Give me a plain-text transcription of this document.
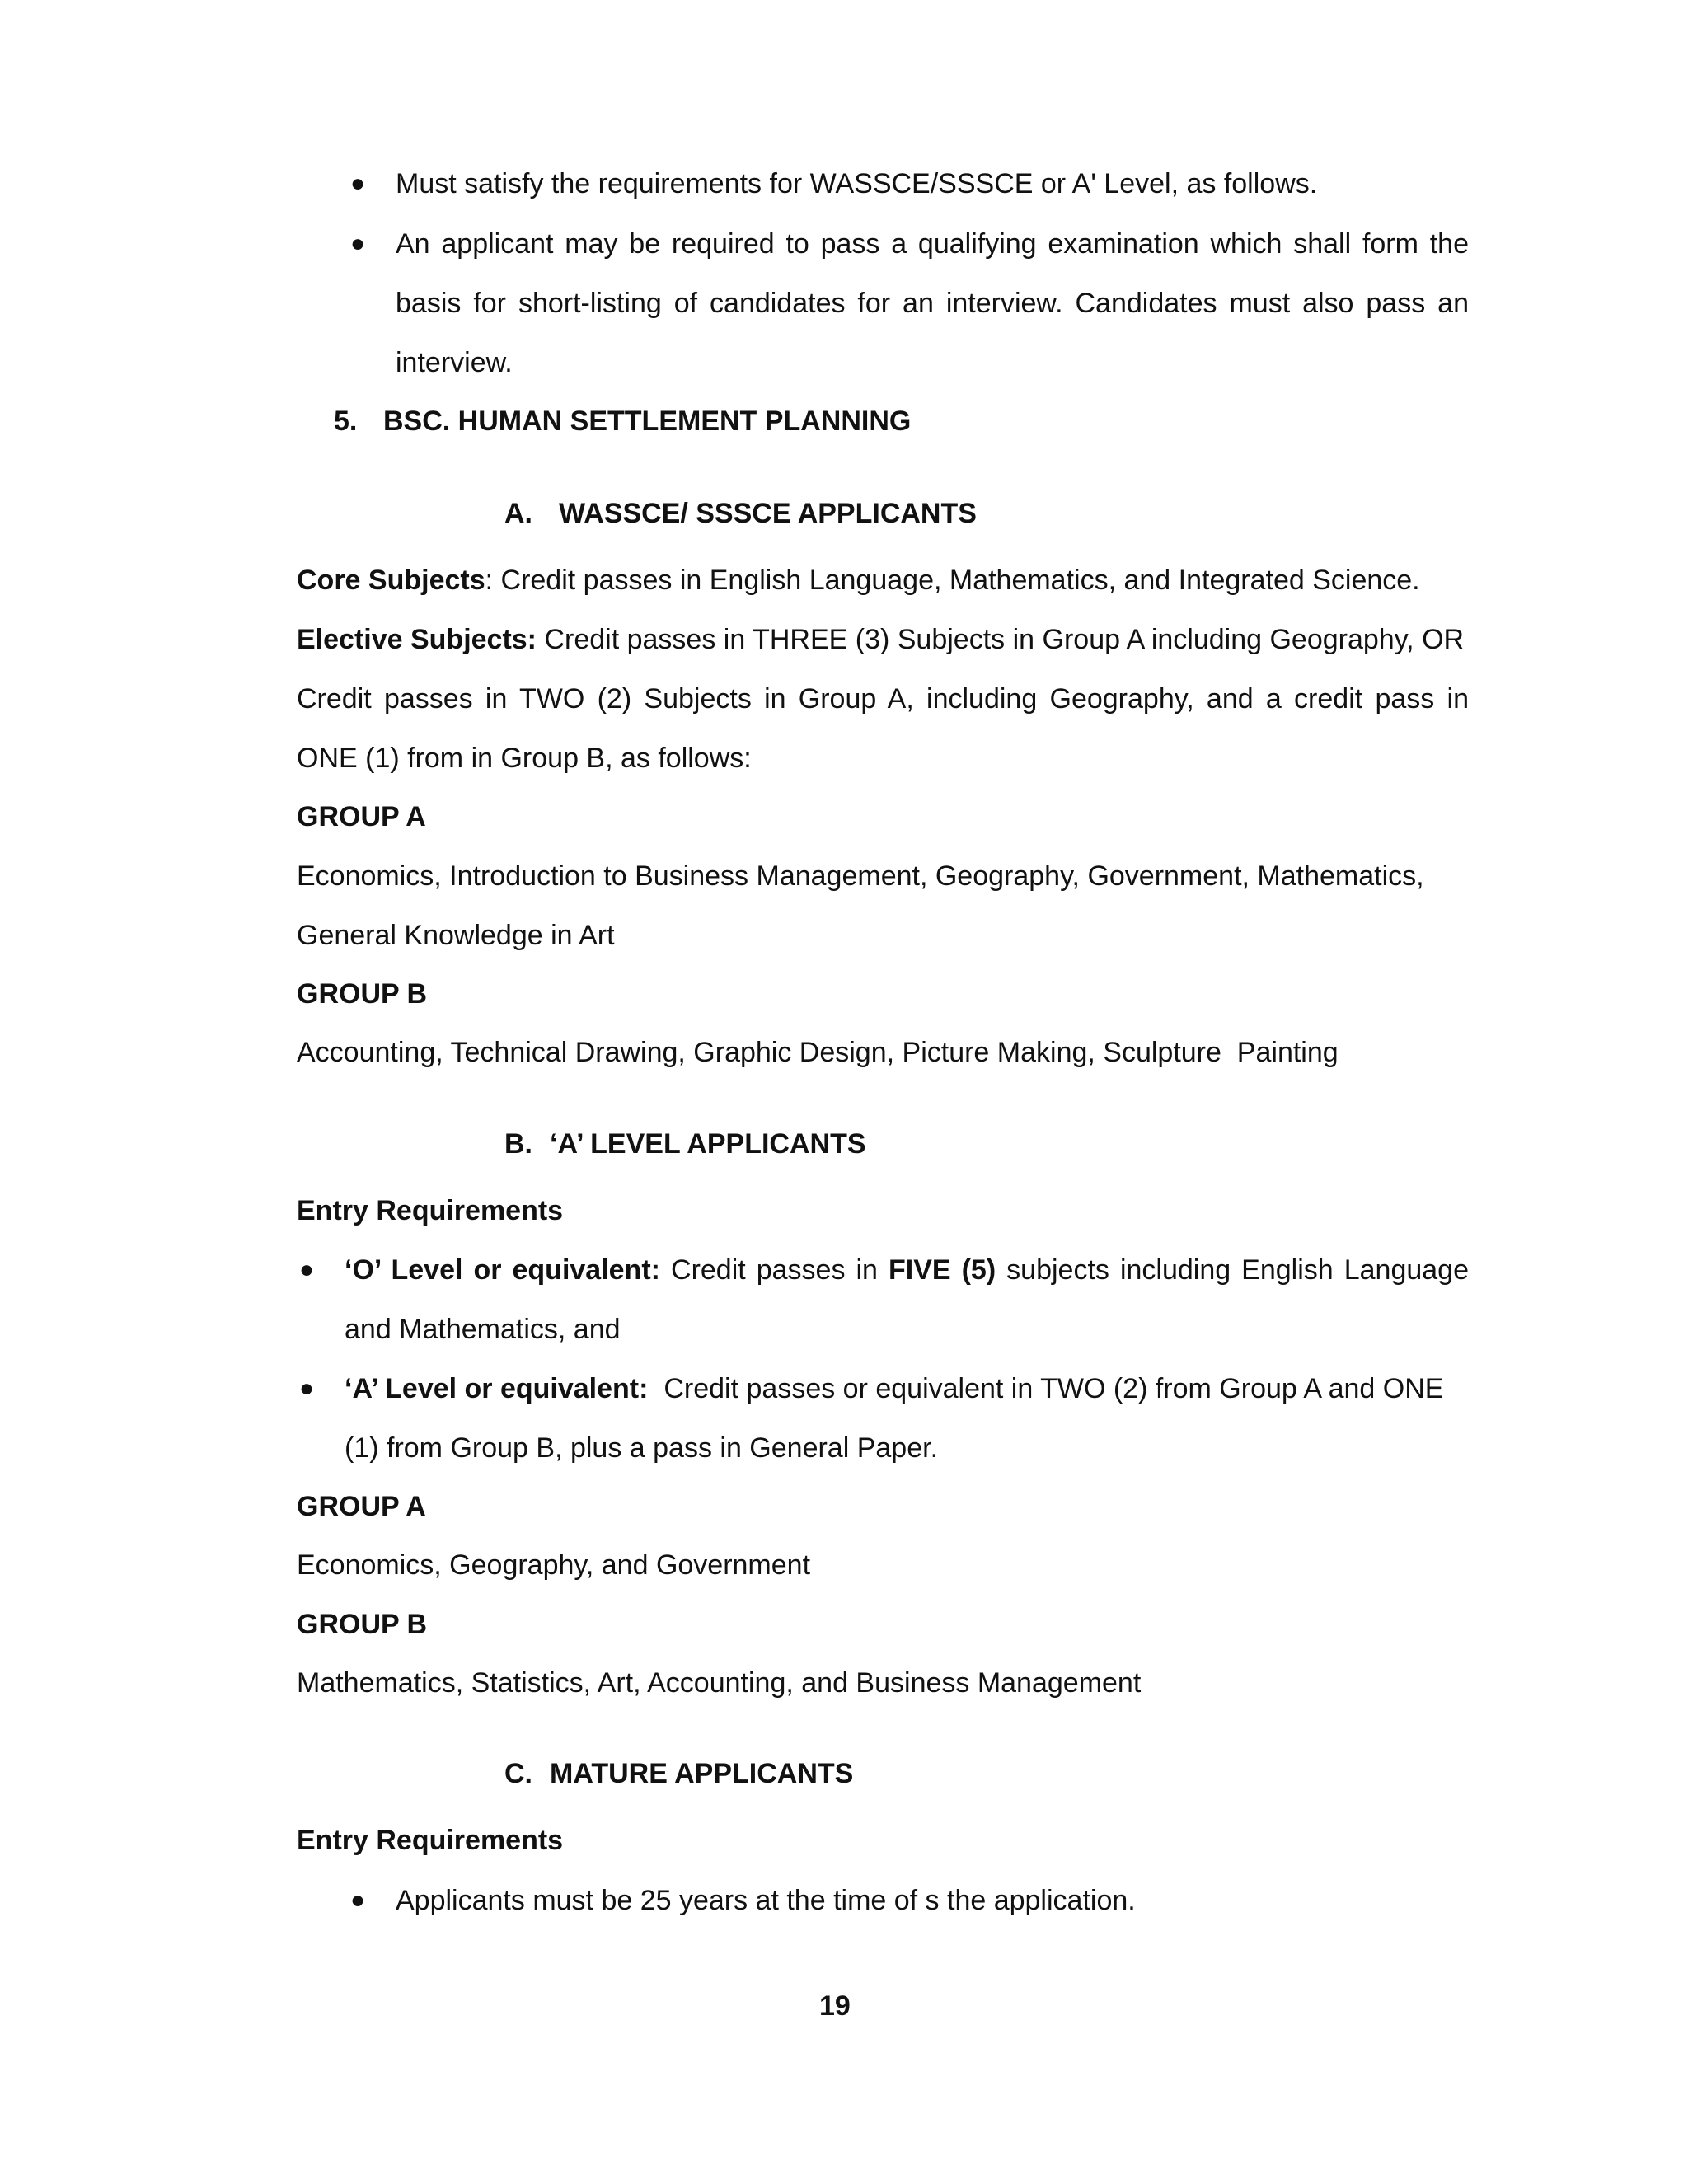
● Must satisfy the requirements for WASSCE/SSSCE or A' Level, as follows.
● An applicant may be required to pass a qualifying examination which shall form the
basis for short-listing of candidates for an interview. Candidates must also pass an
interview.
5. BSC. HUMAN SETTLEMENT PLANNING
A. WASSCE/ SSSCE APPLICANTS
Core Subjects: Credit passes in English Language, Mathematics, and Integrated Science.
Elective Subjects: Credit passes in THREE (3) Subjects in Group A including Geography, OR
Credit passes in TWO (2) Subjects in Group A, including Geography, and a credit pass in
ONE (1) from in Group B, as follows:
GROUP A
Economics, Introduction to Business Management, Geography, Government, Mathematics,
General Knowledge in Art
GROUP B
Accounting, Technical Drawing, Graphic Design, Picture Making, Sculpture  Painting
B. ‘A’ LEVEL APPLICANTS
Entry Requirements
● ‘O’ Level or equivalent: Credit passes in FIVE (5) subjects including English Language
and Mathematics, and
● ‘A’ Level or equivalent:  Credit passes or equivalent in TWO (2) from Group A and ONE
(1) from Group B, plus a pass in General Paper.
GROUP A
Economics, Geography, and Government
GROUP B
Mathematics, Statistics, Art, Accounting, and Business Management
C. MATURE APPLICANTS
Entry Requirements
● Applicants must be 25 years at the time of s the application.
19
